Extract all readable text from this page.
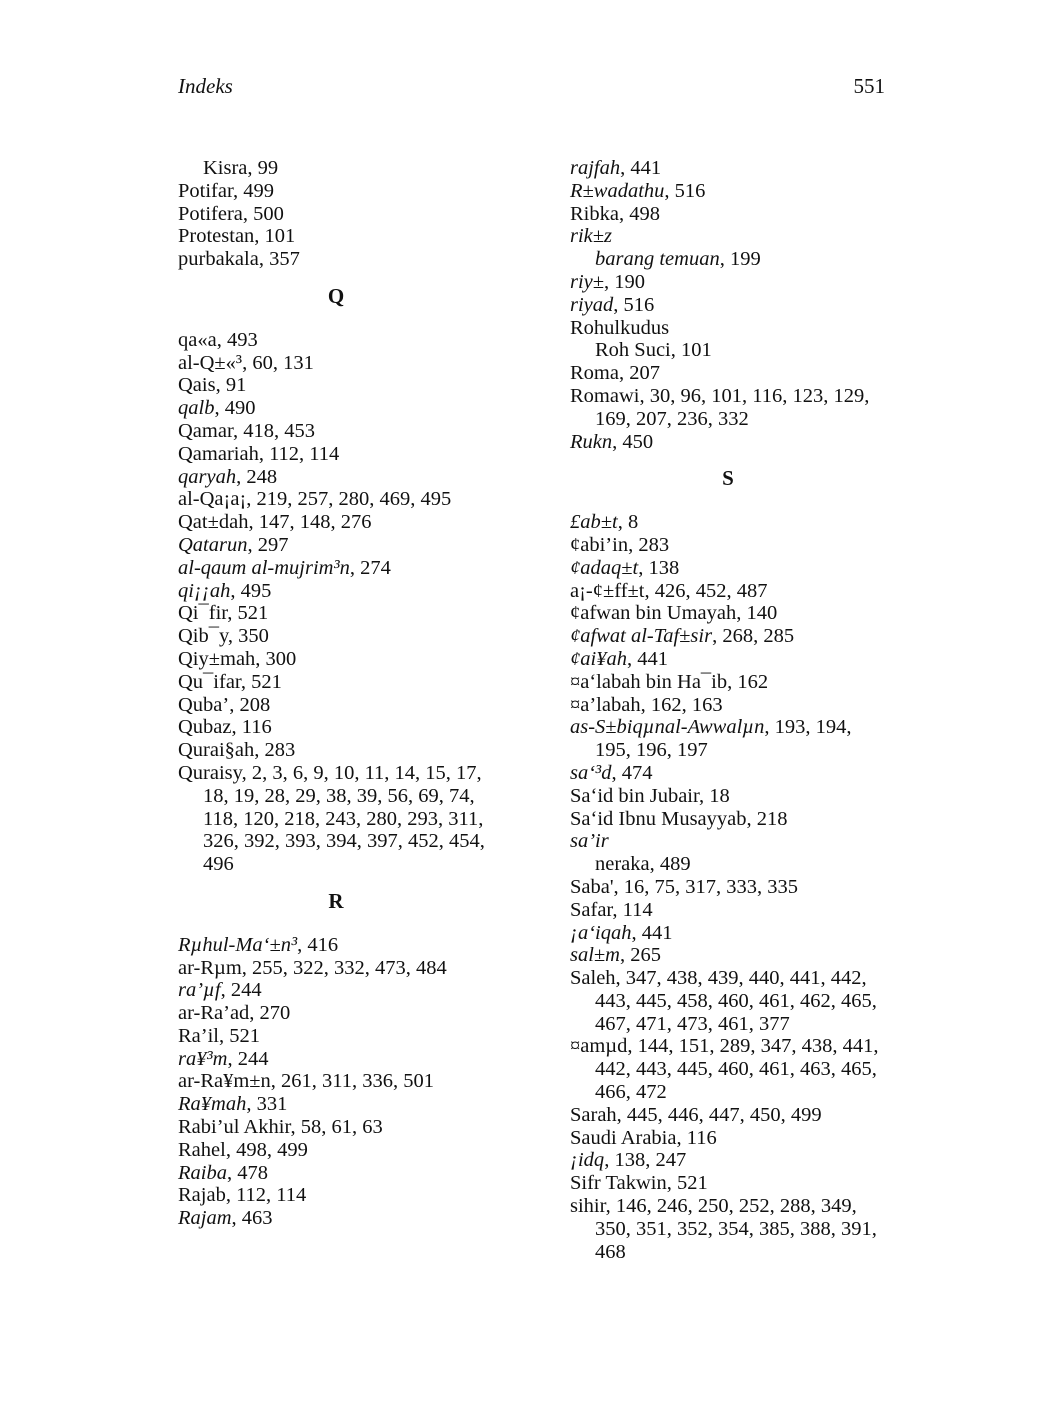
Indeks	551
Kisra, 99
Potifar, 499
Potifera, 500
Protestan, 101
purbakala, 357
Q
qa«a, 493
al-Q±«³, 60, 131
Qais, 91
qalb, 490
Qamar, 418, 453
Qamariah, 112, 114
qaryah, 248
al-Qa¡a¡, 219, 257, 280, 469, 495
Qat±dah, 147, 148, 276
Qatarun, 297
al-qaum al-mujrim³n, 274
qi¡¡ah, 495
Qi¯fir, 521
Qib¯y, 350
Qiy±mah, 300
Qu¯ifar, 521
Quba’, 208
Qubaz, 116
Qurai§ah, 283
Quraisy, 2, 3, 6, 9, 10, 11, 14, 15, 17,
18, 19, 28, 29, 38, 39, 56, 69, 74,
118, 120, 218, 243, 280, 293, 311,
326, 392, 393, 394, 397, 452, 454,
496
R
Rµhul-Ma‘±n³, 416
ar-Rµm, 255, 322, 332, 473, 484
ra’µf, 244
ar-Ra’ad, 270
Ra’il, 521
ra¥³m, 244
ar-Ra¥m±n, 261, 311, 336, 501
Ra¥mah, 331
Rabi’ul Akhir, 58, 61, 63
Rahel, 498, 499
Raiba, 478
Rajab, 112, 114
Rajam, 463
rajfah, 441
R±wadathu, 516
Ribka, 498
rik±z
barang temuan, 199
riy±, 190
riyad, 516
Rohulkudus
Roh Suci, 101
Roma, 207
Romawi, 30, 96, 101, 116, 123, 129,
169, 207, 236, 332
Rukn, 450
S
£ab±t, 8
¢abi’in, 283
¢adaq±t, 138
a¡-¢±ff±t, 426, 452, 487
¢afwan bin Umayah, 140
¢afwat al-Taf±sir, 268, 285
¢ai¥ah, 441
¤a‘labah bin Ha¯ib, 162
¤a’labah, 162, 163
as-S±biqµnal-Awwalµn, 193, 194,
195, 196, 197
sa‘³d, 474
Sa‘id bin Jubair, 18
Sa‘id Ibnu Musayyab, 218
sa’ir
neraka, 489
Saba', 16, 75, 317, 333, 335
Safar, 114
¡a‘iqah, 441
sal±m, 265
Saleh, 347, 438, 439, 440, 441, 442,
443, 445, 458, 460, 461, 462, 465,
467, 471, 473, 461, 377
¤amµd, 144, 151, 289, 347, 438, 441,
442, 443, 445, 460, 461, 463, 465,
466, 472
Sarah, 445, 446, 447, 450, 499
Saudi Arabia, 116
¡idq, 138, 247
Sifr Takwin, 521
sihir, 146, 246, 250, 252, 288, 349,
350, 351, 352, 354, 385, 388, 391,
468
